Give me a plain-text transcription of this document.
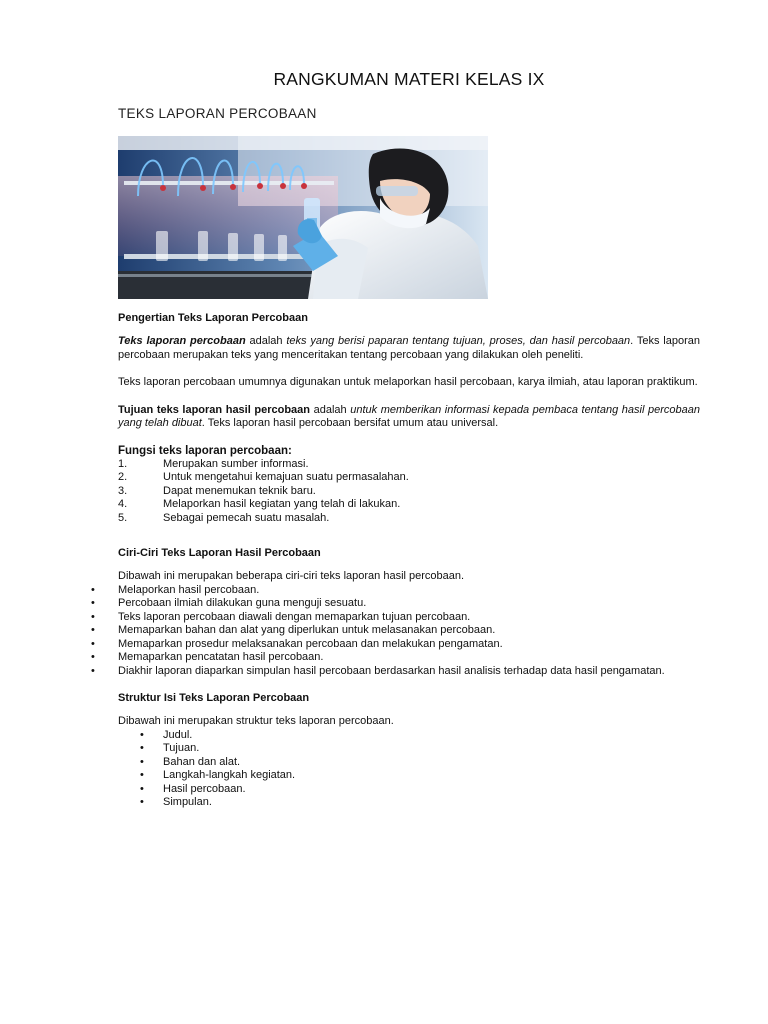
RANGKUMAN MATERI KELAS IX
TEKS LAPORAN PERCOBAAN
Pengertian Teks Laporan Percobaan

Teks laporan percobaan adalah teks yang berisi paparan tentang tujuan, proses, dan hasil percobaan. Teks laporan percobaan merupakan teks yang menceritakan tentang percobaan yang dilakukan oleh peneliti.

Teks laporan percobaan umumnya digunakan untuk melaporkan hasil percobaan, karya ilmiah, atau laporan praktikum.

Tujuan teks laporan hasil percobaan adalah untuk memberikan informasi kepada pembaca tentang hasil percobaan yang telah dibuat. Teks laporan hasil percobaan bersifat umum atau universal.

Fungsi teks laporan percobaan:
1.	Merupakan sumber informasi.
2.	Untuk mengetahui kemajuan suatu permasalahan.
3.	Dapat menemukan teknik baru.
4.	Melaporkan hasil kegiatan yang telah di lakukan.
5.	Sebagai pemecah suatu masalah.
Ciri-Ciri Teks Laporan Hasil Percobaan

Dibawah ini merupakan beberapa ciri-ciri teks laporan hasil percobaan.

• Melaporkan hasil percobaan.
• Percobaan ilmiah dilakukan guna menguji sesuatu.
• Teks laporan percobaan diawali dengan memaparkan tujuan percobaan.
• Memaparkan bahan dan alat yang diperlukan untuk melasanakan percobaan.
• Memaparkan prosedur melaksanakan percobaan dan melakukan pengamatan.
• Memaparkan pencatatan hasil percobaan.
• Diakhir laporan diaparkan simpulan hasil percobaan berdasarkan hasil analisis terhadap data hasil pengamatan.
Struktur Isi Teks Laporan Percobaan

Dibawah ini merupakan struktur teks laporan percobaan.

• Judul.
• Tujuan.
• Bahan dan alat.
• Langkah-langkah kegiatan.
• Hasil percobaan.
• Simpulan.
